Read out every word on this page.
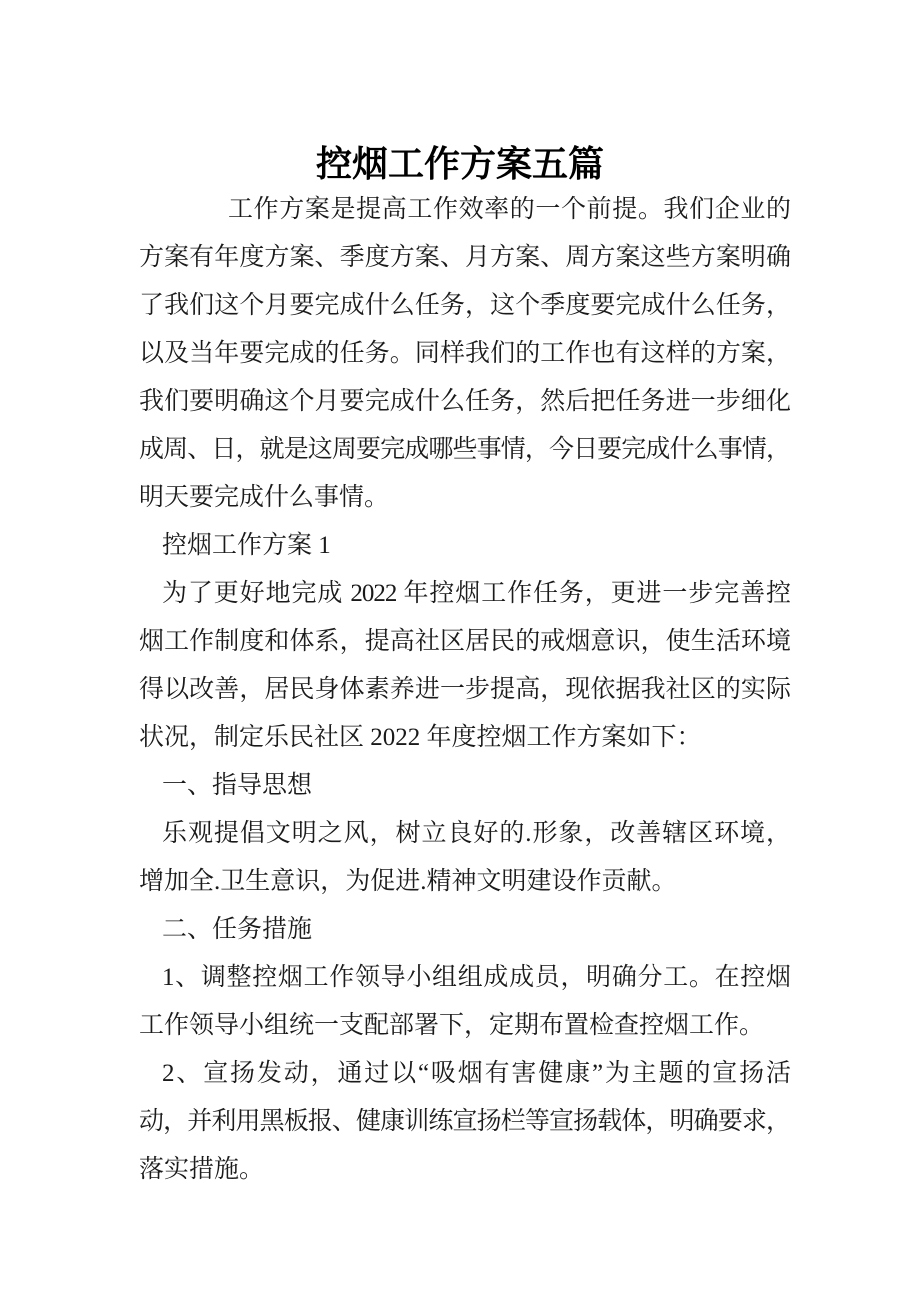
控烟工作方案五篇
工作方案是提高工作效率的一个前提。我们企业的
方案有年度方案、季度方案、月方案、周方案这些方案明确
了我们这个月要完成什么任务，这个季度要完成什么任务，
以及当年要完成的任务。同样我们的工作也有这样的方案，
我们要明确这个月要完成什么任务，然后把任务进一步细化
成周、日，就是这周要完成哪些事情，今日要完成什么事情，
明天要完成什么事情。
控烟工作方案 1
为了更好地完成 2022 年控烟工作任务，更进一步完善控
烟工作制度和体系，提高社区居民的戒烟意识，使生活环境
得以改善，居民身体素养进一步提高，现依据我社区的实际
状况，制定乐民社区 2022 年度控烟工作方案如下：
一、指导思想
乐观提倡文明之风，树立良好的.形象，改善辖区环境，
增加全.卫生意识，为促进.精神文明建设作贡献。
二、任务措施
1、调整控烟工作领导小组组成成员，明确分工。在控烟
工作领导小组统一支配部署下，定期布置检查控烟工作。
2、宣扬发动，通过以“吸烟有害健康”为主题的宣扬活
动，并利用黑板报、健康训练宣扬栏等宣扬载体，明确要求，
落实措施。
